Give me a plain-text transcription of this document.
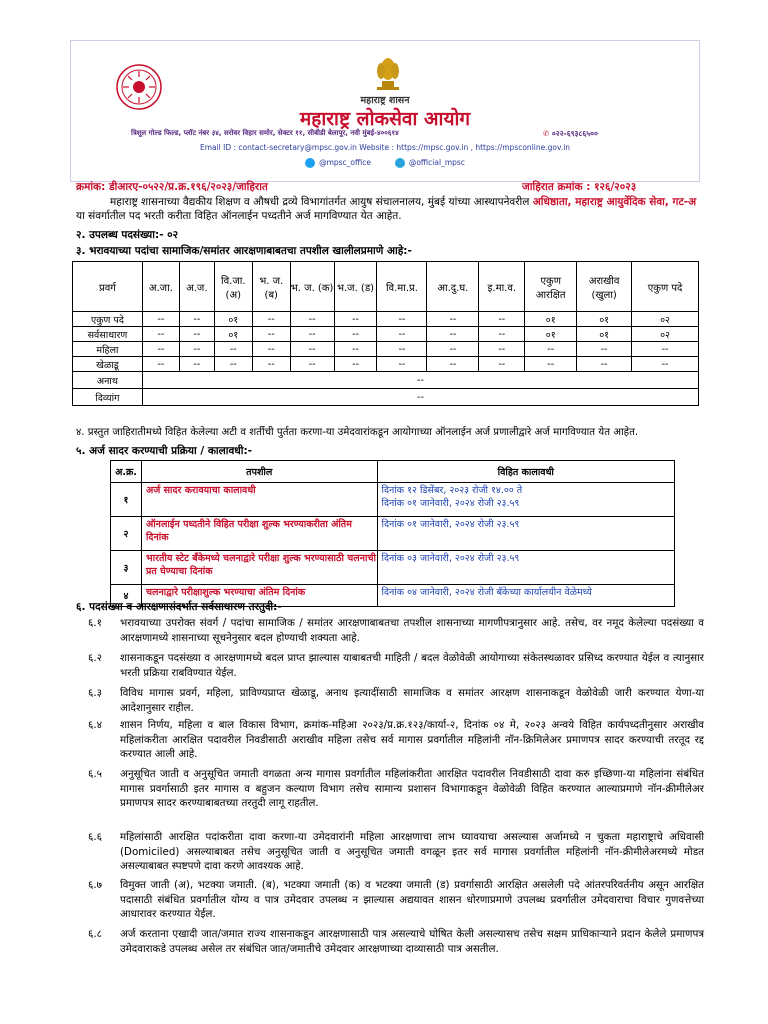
महाराष्ट्र शासन
महाराष्ट्र लोकसेवा आयोग
त्रिशूल गोल्ड फिल्ड, प्लॉट नंबर ३४, सरोवर विहार समोर, सेक्टर ११, सीबीडी बेलापूर, नवी मुंबई-४००६१४	✆ ०२२-६९३८६५००
Email ID : contact-secretary@mpsc.gov.in Website : https://mpsc.gov.in , https://mpsconline.gov.in
@mpsc_office	@official_mpsc
क्रमांक: डीआरए-०५२२/प्र.क्र.१९६/२०२३/जाहिरात	जाहिरात क्रमांक : १२६/२०२३
महाराष्ट्र शासनाच्या वैद्यकीय शिक्षण व औषधी द्रव्ये विभागांतर्गत आयुष संचालनालय, मुंबई यांच्या आस्थापनेवरील अधिष्ठाता, महाराष्ट्र आयुर्वेदिक सेवा, गट-अ या संवर्गातील पद भरती करीता विहित ऑनलाईन पध्दतीने अर्ज मागविण्यात येत आहेत.
२. उपलब्ध पदसंख्या:- ०२
३. भरावयाच्या पदांचा सामाजिक/समांतर आरक्षणाबाबतचा तपशील खालीलप्रमाणे आहे:-
प्रवर्ग	अ.जा.	अ.ज.	वि.जा. (अ)	भ. ज. (ब)	भ. ज. (क)	भ.ज. (ड)	वि.मा.प्र.	आ.दु.घ.	इ.मा.व.	एकुण आरक्षित	अराखीव (खुला)	एकुण पदे
एकुण पदे	--	--	०१	--	--	--	--	--	--	०१	०१	०२
सर्वसाधारण	--	--	०१	--	--	--	--	--	--	०१	०१	०२
महिला	--	--	--	--	--	--	--	--	--	--	--	--
खेळाडू	--	--	--	--	--	--	--	--	--	--	--	--
अनाथ	--											
दिव्यांग	--											
४. प्रस्तुत जाहिरातीमध्ये विहित केलेल्या अटी व शर्तीची पुर्तता करणा-या उमेदवारांकडून आयोगाच्या ऑनलाईन अर्ज प्रणालीद्वारे अर्ज मागविण्यात येत आहेत.
५. अर्ज सादर करण्याची प्रक्रिया / कालावधी:-
अ.क्र.	तपशील	विहित कालावधी
१	अर्ज सादर करावयाचा कालावधी	दिनांक १२ डिसेंबर, २०२३ रोजी १४.०० ते
दिनांक ०१ जानेवारी, २०२४ रोजी २३.५९

२	ऑनलाईन पध्दतीने विहित परीक्षा शुल्क भरण्याकरीता अंतिम दिनांक	दिनांक ०१ जानेवारी, २०२४ रोजी २३.५९

३	भारतीय स्टेट बँकेमध्ये चलनाद्वारे परीक्षा शुल्क भरण्यासाठी चलनाची प्रत घेण्याचा दिनांक	दिनांक ०३ जानेवारी, २०२४ रोजी २३.५९

४	चलनाद्वारे परीक्षाशुल्क भरण्याचा अंतिम दिनांक	दिनांक ०४ जानेवारी, २०२४ रोजी बँकेच्या कार्यालयीन वेळेमध्ये
६. पदसंख्या व आरक्षणासंदर्भात सर्वसाधारण तरतुदी:-
६.१	भरावयाच्या उपरोक्त संवर्ग / पदांचा सामाजिक / समांतर आरक्षणाबाबतचा तपशील शासनाच्या मागणीपत्रानुसार आहे. तसेच, वर नमूद केलेल्या पदसंख्या व आरक्षणामध्ये शासनाच्या सूचनेनुसार बदल होण्याची शक्यता आहे.
६.२	शासनाकडून पदसंख्या व आरक्षणामध्ये बदल प्राप्त झाल्यास याबाबतची माहिती / बदल वेळोवेळी आयोगाच्या संकेतस्थळावर प्रसिध्द करण्यात येईल व त्यानुसार भरती प्रक्रिया राबविण्यात येईल.
६.३	विविध मागास प्रवर्ग, महिला, प्राविण्यप्राप्त खेळाडू, अनाथ इत्यादींसाठी सामाजिक व समांतर आरक्षण शासनाकडून वेळोवेळी जारी करण्यात येणा-या आदेशानुसार राहील.
६.४	शासन निर्णय, महिला व बाल विकास विभाग, क्रमांक-महिआ २०२३/प्र.क्र.१२३/कार्या-२, दिनांक ०४ मे, २०२३ अन्वये विहित कार्यपध्दतीनुसार अराखीव महिलांकरीता आरक्षित पदावरील निवडीसाठी अराखीव महिला तसेच सर्व मागास प्रवर्गातील महिलांनी नॉन-क्रिमिलेअर प्रमाणपत्र सादर करण्याची तरतूद रद्द करण्यात आली आहे.
६.५	अनुसूचित जाती व अनुसूचित जमाती वगळता अन्य मागास प्रवर्गातील महिलांकरीता आरक्षित पदावरील निवडीसाठी दावा करु इच्छिणा-या महिलांना संबंधित मागास प्रवर्गासाठी इतर मागास व बहुजन कल्याण विभाग तसेच सामान्य प्रशासन विभागाकडून वेळोवेळी विहित करण्यात आल्याप्रमाणे नॉन-क्रीमीलेअर प्रमाणपत्र सादर करण्याबाबतच्या तरतुदी लागू राहतील.
६.६	महिलांसाठी आरक्षित पदांकरीता दावा करणा-या उमेदवारांनी महिला आरक्षणाचा लाभ घ्यावयाचा असल्यास अर्जामध्ये न चुकता महाराष्ट्राचे अधिवासी (Domiciled) असल्याबाबत तसेच अनुसूचित जाती व अनुसूचित जमाती वगळून इतर सर्व मागास प्रवर्गातील महिलांनी नॉन-क्रीमीलेअरमध्ये मोडत असल्याबाबत स्पष्टपणे दावा करणे आवश्यक आहे.
६.७	विमुक्त जाती (अ), भटक्या जमाती. (ब), भटक्या जमाती (क) व भटक्या जमाती (ड) प्रवर्गासाठी आरक्षित असलेली पदे आंतरपरिवर्तनीय असून आरक्षित पदासाठी संबंधित प्रवर्गातील योग्य व पात्र उमेदवार उपलब्ध न झाल्यास अद्ययावत शासन धोरणाप्रमाणे उपलब्ध प्रवर्गातील उमेदवाराचा विचार गुणवत्तेच्या आधारावर करण्यात येईल.
६.८	अर्ज करताना एखादी जात/जमात राज्य शासनाकडून आरक्षणासाठी पात्र असल्याचे घोषित केली असल्यासच तसेच सक्षम प्राधिकाऱ्याने प्रदान केलेले प्रमाणपत्र उमेदवाराकडे उपलब्ध असेल तर संबंधित जात/जमातीचे उमेदवार आरक्षणाच्या दाव्यासाठी पात्र असतील.
